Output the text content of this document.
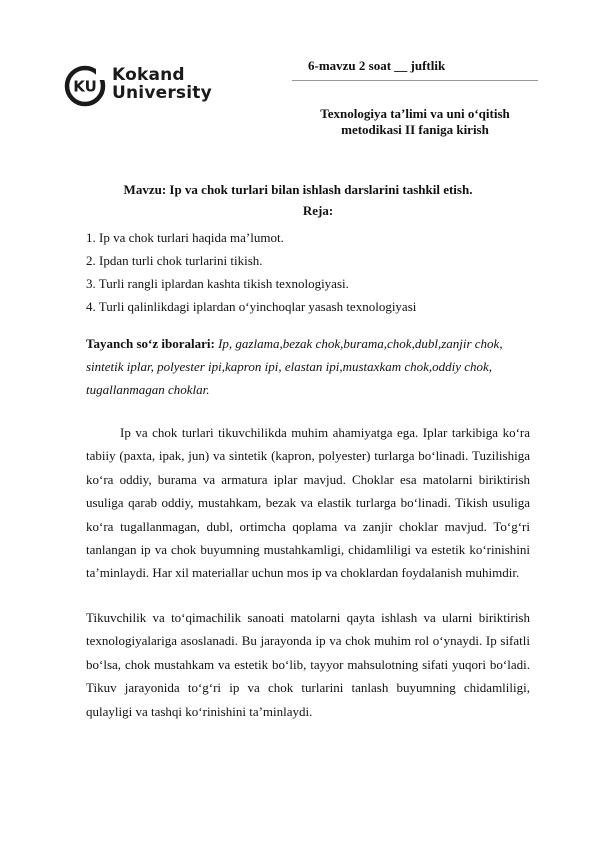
KU
Kokand
University
6-mavzu 2 soat __ juftlik
Texnologiya ta’limi va uni o‘qitish
metodikasi II faniga kirish
Mavzu: Ip va chok turlari bilan ishlash darslarini tashkil etish.
Reja:
1. Ip va chok turlari haqida ma’lumot.
2. Ipdan turli chok turlarini tikish.
3. Turli rangli iplardan kashta tikish texnologiyasi.
4. Turli qalinlikdagi iplardan o‘yinchoqlar yasash texnologiyasi
Tayanch so‘z iboralari: Ip, gazlama,bezak chok,burama,chok,dubl,zanjir chok, sintetik iplar, polyester ipi,kapron ipi, elastan ipi,mustaxkam chok,oddiy chok, tugallanmagan choklar.

Ip va chok turlari tikuvchilikda muhim ahamiyatga ega. Iplar tarkibiga ko‘ra tabiiy (paxta, ipak, jun) va sintetik (kapron, polyester) turlarga bo‘linadi. Tuzilishiga ko‘ra oddiy, burama va armatura iplar mavjud. Choklar esa matolarni biriktirish usuliga qarab oddiy, mustahkam, bezak va elastik turlarga bo‘linadi. Tikish usuliga ko‘ra tugallanmagan, dubl, ortimcha qoplama va zanjir choklar mavjud. To‘g‘ri tanlangan ip va chok buyumning mustahkamligi, chidamliligi va estetik ko‘rinishini ta’minlaydi. Har xil materiallar uchun mos ip va choklardan foydalanish muhimdir.

Tikuvchilik va to‘qimachilik sanoati matolarni qayta ishlash va ularni biriktirish texnologiyalariga asoslanadi. Bu jarayonda ip va chok muhim rol o‘ynaydi. Ip sifatli bo‘lsa, chok mustahkam va estetik bo‘lib, tayyor mahsulotning sifati yuqori bo‘ladi. Tikuv jarayonida to‘g‘ri ip va chok turlarini tanlash buyumning chidamliligi, qulayligi va tashqi ko‘rinishini ta’minlaydi.
